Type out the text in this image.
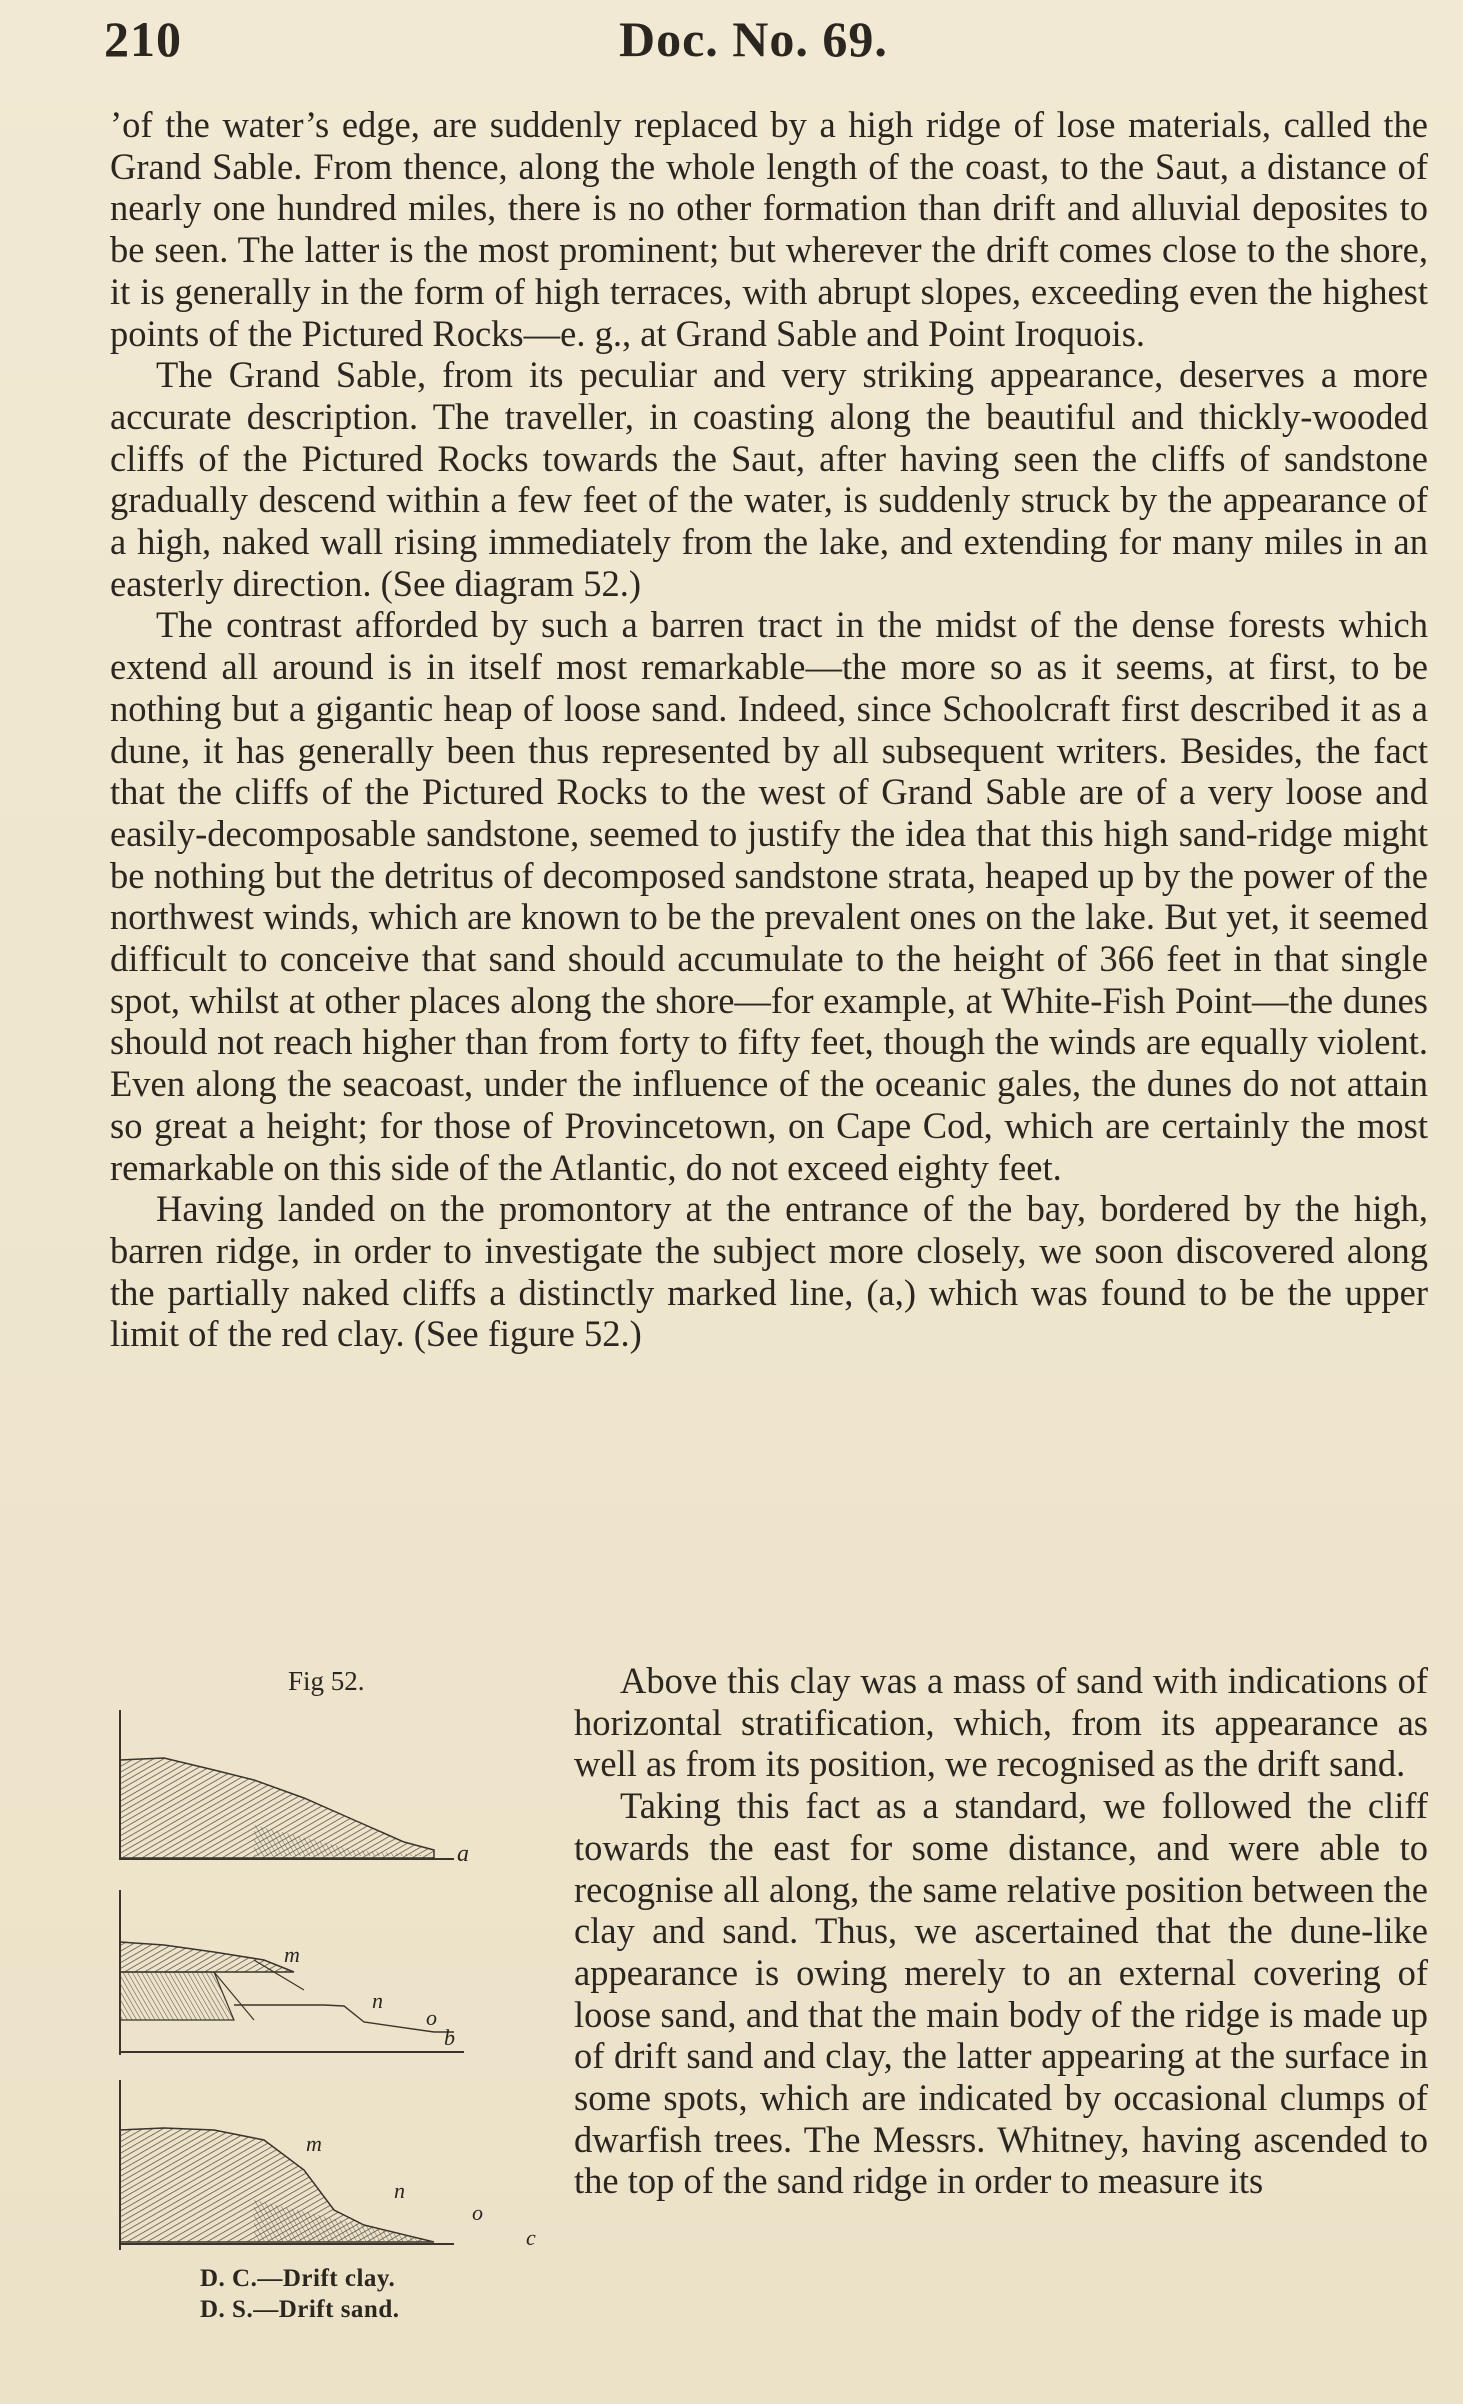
210	Doc. No. 69.

’of the water’s edge, are suddenly replaced by a high ridge of lose materials, called the Grand Sable. From thence, along the whole length of the coast, to the Saut, a distance of nearly one hundred miles, there is no other formation than drift and alluvial deposites to be seen. The latter is the most prominent; but wherever the drift comes close to the shore, it is generally in the form of high terraces, with abrupt slopes, exceeding even the highest points of the Pictured Rocks—e. g., at Grand Sable and Point Iroquois.

The Grand Sable, from its peculiar and very striking appearance, deserves a more accurate description. The traveller, in coasting along the beautiful and thickly-wooded cliffs of the Pictured Rocks towards the Saut, after having seen the cliffs of sandstone gradually descend within a few feet of the water, is suddenly struck by the appearance of a high, naked wall rising immediately from the lake, and extending for many miles in an easterly direction. (See diagram 52.)

The contrast afforded by such a barren tract in the midst of the dense forests which extend all around is in itself most remarkable—the more so as it seems, at first, to be nothing but a gigantic heap of loose sand. Indeed, since Schoolcraft first described it as a dune, it has generally been thus represented by all subsequent writers. Besides, the fact that the cliffs of the Pictured Rocks to the west of Grand Sable are of a very loose and easily-decomposable sandstone, seemed to justify the idea that this high sand-ridge might be nothing but the detritus of decomposed sandstone strata, heaped up by the power of the northwest winds, which are known to be the prevalent ones on the lake. But yet, it seemed difficult to conceive that sand should accumulate to the height of 366 feet in that single spot, whilst at other places along the shore—for example, at White-Fish Point—the dunes should not reach higher than from forty to fifty feet, though the winds are equally violent. Even along the seacoast, under the influence of the oceanic gales, the dunes do not attain so great a height; for those of Provincetown, on Cape Cod, which are certainly the most remarkable on this side of the Atlantic, do not exceed eighty feet.

Having landed on the promontory at the entrance of the bay, bordered by the high, barren ridge, in order to investigate the subject more closely, we soon discovered along the partially naked cliffs a distinctly marked line, (a,) which was found to be the upper limit of the red clay. (See figure 52.)

Fig 52.
a
m
n
o
b
m
n
o
c
D. C.—Drift clay.
D. S.—Drift sand.

Above this clay was a mass of sand with indications of horizontal stratification, which, from its appearance as well as from its position, we recognised as the drift sand.

Taking this fact as a standard, we followed the cliff towards the east for some distance, and were able to recognise all along, the same relative position between the clay and sand. Thus, we ascertained that the dune-like appearance is owing merely to an external covering of loose sand, and that the main body of the ridge is made up of drift sand and clay, the latter appearing at the surface in some spots, which are indicated by occasional clumps of dwarfish trees. The Messrs. Whitney, having ascended to the top of the sand ridge in order to measure its
